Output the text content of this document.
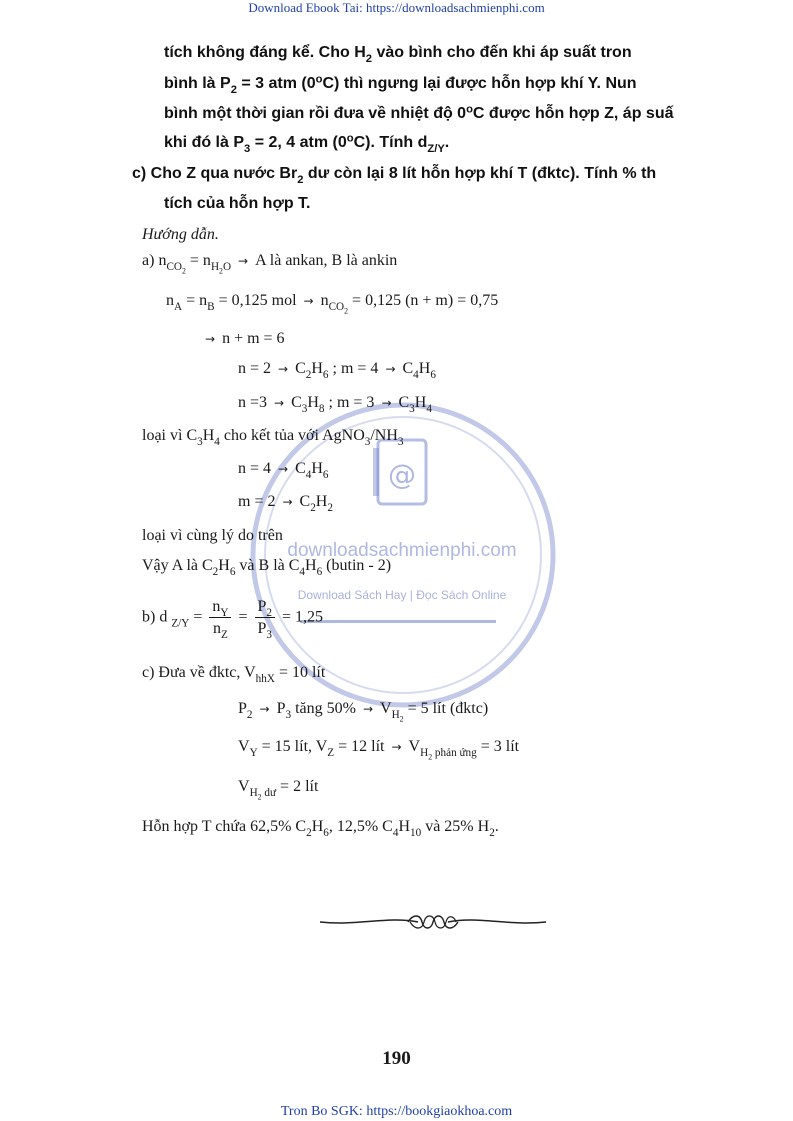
Download Ebook Tai: https://downloadsachmienphi.com
Tron Bo SGK: https://bookgiaokhoa.com
@
downloadsachmienphi.com
Download Sách Hay | Đọc Sách Online
tích không đáng kể. Cho $H_2$ vào bình cho đến khi áp suất tron
bình là $P_2 = 3$ atm (0$^o$C) thì ngưng lại được hỗn hợp khí Y. Nun
bình một thời gian rồi đưa về nhiệt độ 0$^o$C được hỗn hợp Z, áp suấ
khi đó là $P_3 = 2$, 4 atm (0$^o$C). Tính $d_{Z/Y}$.
c) Cho Z qua nước $Br_2$ dư còn lại 8 lít hỗn hợp khí T (đktc). Tính % th
tích của hỗn hợp T.
Hướng dẫn.
a) $n_{CO_2} = n_{H_2O} \to A$ là ankan, B là ankin
$n_A = n_B = 0,125$ mol → $n_{CO_2} = 0,125$ (n + m) = 0,75
→ n + m = 6
$n = 2 \to C_2H_6$ ; $m = 4 \to C_4H_6$
$n =3 \to C_3H_8$ ; $m = 3 \to C_3H_4$
loại vì $C_3H_4$ cho kết tủa với $AgNO_3/NH_3$
$n = 4 \to C_4H_6$
$m = 2 \to C_2H_2$
loại vì cùng lý do trên
Vậy A là $C_2H_6$ và B là $C_4H_6$ (butin - 2)
b) d $_{Z/Y} = \frac{n_Y}{n_Z} = \frac{P_2}{P_3} = 1,25$
c) Đưa về đktc, $V_{hhX} = 10$ lít
$P_2 \to P_3$ tăng $50\% \to V_{H_2} = 5$ lít (đktc)
$V_Y = 15$ lít, $V_Z = 12$ lít → $V_{H_2 phản ứng} = 3$ lít
$V_{H_2 dư} = 2$ lít
Hỗn hợp T chứa 62,5% $C_2H_6$, 12,5% $C_4H_{10}$ và 25% $H_2$.
190
